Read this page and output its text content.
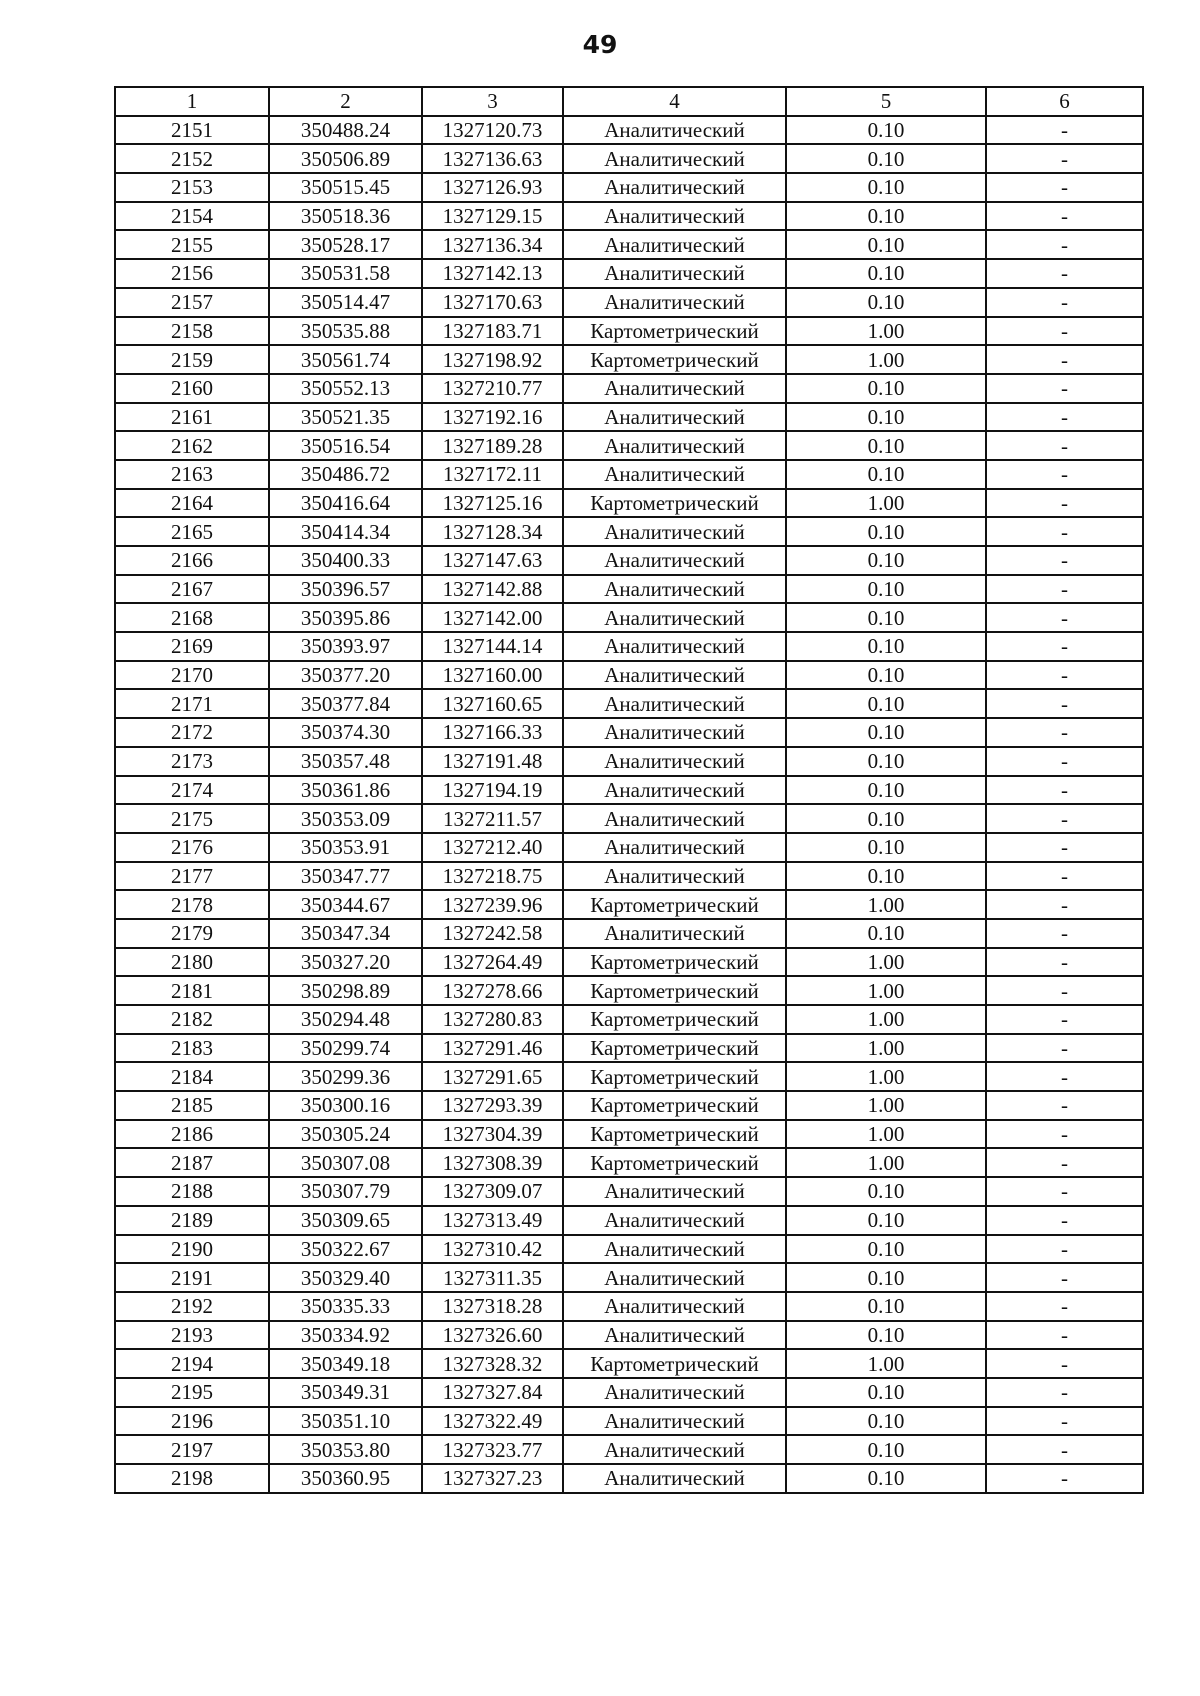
49
1	2	3	4	5	6
2151	350488.24	1327120.73	Аналитический	0.10	-
2152	350506.89	1327136.63	Аналитический	0.10	-
2153	350515.45	1327126.93	Аналитический	0.10	-
2154	350518.36	1327129.15	Аналитический	0.10	-
2155	350528.17	1327136.34	Аналитический	0.10	-
2156	350531.58	1327142.13	Аналитический	0.10	-
2157	350514.47	1327170.63	Аналитический	0.10	-
2158	350535.88	1327183.71	Картометрический	1.00	-
2159	350561.74	1327198.92	Картометрический	1.00	-
2160	350552.13	1327210.77	Аналитический	0.10	-
2161	350521.35	1327192.16	Аналитический	0.10	-
2162	350516.54	1327189.28	Аналитический	0.10	-
2163	350486.72	1327172.11	Аналитический	0.10	-
2164	350416.64	1327125.16	Картометрический	1.00	-
2165	350414.34	1327128.34	Аналитический	0.10	-
2166	350400.33	1327147.63	Аналитический	0.10	-
2167	350396.57	1327142.88	Аналитический	0.10	-
2168	350395.86	1327142.00	Аналитический	0.10	-
2169	350393.97	1327144.14	Аналитический	0.10	-
2170	350377.20	1327160.00	Аналитический	0.10	-
2171	350377.84	1327160.65	Аналитический	0.10	-
2172	350374.30	1327166.33	Аналитический	0.10	-
2173	350357.48	1327191.48	Аналитический	0.10	-
2174	350361.86	1327194.19	Аналитический	0.10	-
2175	350353.09	1327211.57	Аналитический	0.10	-
2176	350353.91	1327212.40	Аналитический	0.10	-
2177	350347.77	1327218.75	Аналитический	0.10	-
2178	350344.67	1327239.96	Картометрический	1.00	-
2179	350347.34	1327242.58	Аналитический	0.10	-
2180	350327.20	1327264.49	Картометрический	1.00	-
2181	350298.89	1327278.66	Картометрический	1.00	-
2182	350294.48	1327280.83	Картометрический	1.00	-
2183	350299.74	1327291.46	Картометрический	1.00	-
2184	350299.36	1327291.65	Картометрический	1.00	-
2185	350300.16	1327293.39	Картометрический	1.00	-
2186	350305.24	1327304.39	Картометрический	1.00	-
2187	350307.08	1327308.39	Картометрический	1.00	-
2188	350307.79	1327309.07	Аналитический	0.10	-
2189	350309.65	1327313.49	Аналитический	0.10	-
2190	350322.67	1327310.42	Аналитический	0.10	-
2191	350329.40	1327311.35	Аналитический	0.10	-
2192	350335.33	1327318.28	Аналитический	0.10	-
2193	350334.92	1327326.60	Аналитический	0.10	-
2194	350349.18	1327328.32	Картометрический	1.00	-
2195	350349.31	1327327.84	Аналитический	0.10	-
2196	350351.10	1327322.49	Аналитический	0.10	-
2197	350353.80	1327323.77	Аналитический	0.10	-
2198	350360.95	1327327.23	Аналитический	0.10	-
